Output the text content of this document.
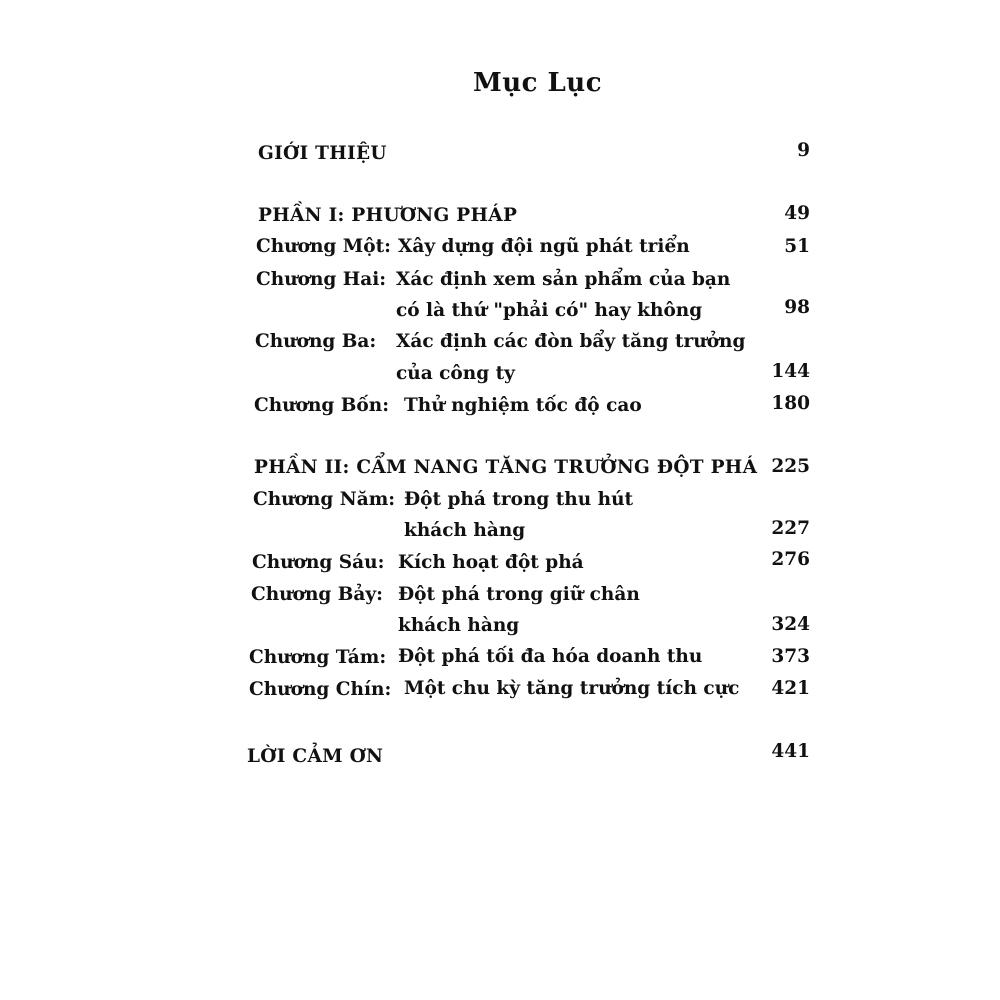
Mục Lục
GIỚI THIỆU	9
PHẦN I: PHƯƠNG PHÁP	49
Chương Một: Xây dựng đội ngũ phát triển	51
Chương Hai: Xác định xem sản phẩm của bạn
có là thứ "phải có" hay không	98
Chương Ba: Xác định các đòn bẩy tăng trưởng
của công ty	144
Chương Bốn: Thử nghiệm tốc độ cao	180
PHẦN II: CẨM NANG TĂNG TRƯỞNG ĐỘT PHÁ 225
Chương Năm: Đột phá trong thu hút
khách hàng	227
Chương Sáu: Kích hoạt đột phá	276
Chương Bảy: Đột phá trong giữ chân
khách hàng	324
Chương Tám: Đột phá tối đa hóa doanh thu	373
Chương Chín: Một chu kỳ tăng trưởng tích cực	421
LỜI CẢM ƠN	441
